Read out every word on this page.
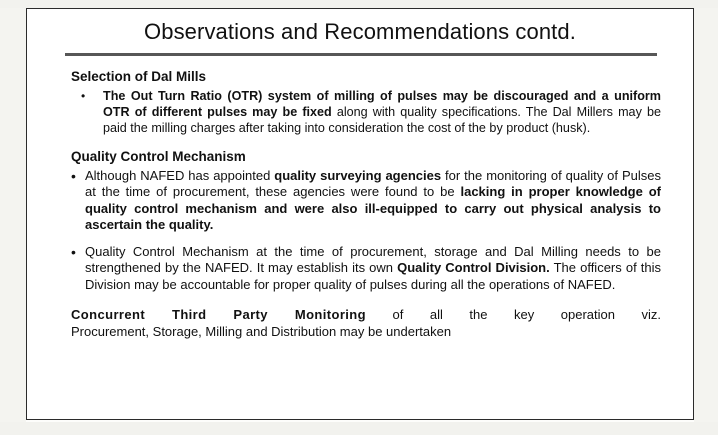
Observations and Recommendations contd.
Selection of Dal Mills
•	The Out Turn Ratio (OTR) system of milling of pulses may be discouraged and a uniform OTR of different pulses may be fixed along with quality specifications. The Dal Millers may be paid the milling charges after taking into consideration the cost of the by product (husk).
Quality Control Mechanism
• Although NAFED has appointed quality surveying agencies for the monitoring of quality of Pulses at the time of procurement, these agencies were found to be lacking in proper knowledge of quality control mechanism and were also ill-equipped to carry out physical analysis to ascertain the quality.
• Quality Control Mechanism at the time of procurement, storage and Dal Milling needs to be strengthened by the NAFED. It may establish its own Quality Control Division. The officers of this Division may be accountable for proper quality of pulses during all the operations of NAFED.
Concurrent Third Party Monitoring of all the key operation viz.
Procurement, Storage, Milling and Distribution may be undertaken
